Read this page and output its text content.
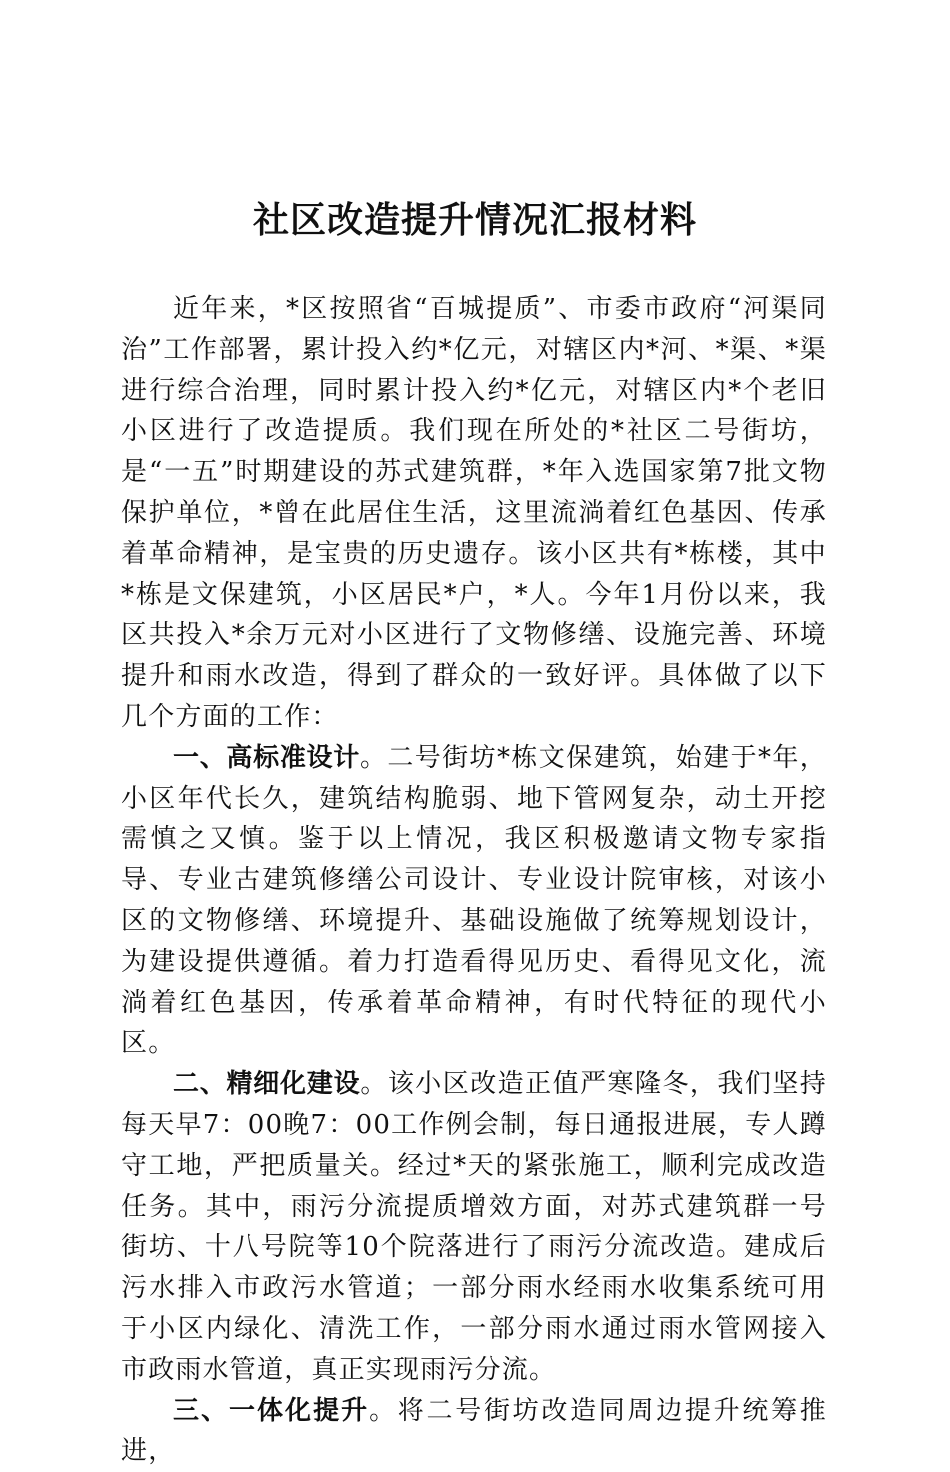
社区改造提升情况汇报材料

近年来，*区按照省“百城提质”、市委市政府“河渠同治”工作部署，累计投入约*亿元，对辖区内*河、*渠、*渠进行综合治理，同时累计投入约*亿元，对辖区内*个老旧小区进行了改造提质。我们现在所处的*社区二号街坊，是“一五”时期建设的苏式建筑群，*年入选国家第7批文物保护单位，*曾在此居住生活，这里流淌着红色基因、传承着革命精神，是宝贵的历史遗存。该小区共有*栋楼，其中*栋是文保建筑，小区居民*户，*人。今年1月份以来，我区共投入*余万元对小区进行了文物修缮、设施完善、环境提升和雨水改造，得到了群众的一致好评。具体做了以下几个方面的工作：

一、高标准设计。二号街坊*栋文保建筑，始建于*年，小区年代长久，建筑结构脆弱、地下管网复杂，动土开挖需慎之又慎。鉴于以上情况，我区积极邀请文物专家指导、专业古建筑修缮公司设计、专业设计院审核，对该小区的文物修缮、环境提升、基础设施做了统筹规划设计，为建设提供遵循。着力打造看得见历史、看得见文化，流淌着红色基因，传承着革命精神，有时代特征的现代小区。

二、精细化建设。该小区改造正值严寒隆冬，我们坚持每天早7：00晚7：00工作例会制，每日通报进展，专人蹲守工地，严把质量关。经过*天的紧张施工，顺利完成改造任务。其中，雨污分流提质增效方面，对苏式建筑群一号街坊、十八号院等10个院落进行了雨污分流改造。建成后污水排入市政污水管道；一部分雨水经雨水收集系统可用于小区内绿化、清洗工作，一部分雨水通过雨水管网接入市政雨水管道，真正实现雨污分流。

三、一体化提升。将二号街坊改造同周边提升统筹推进，
